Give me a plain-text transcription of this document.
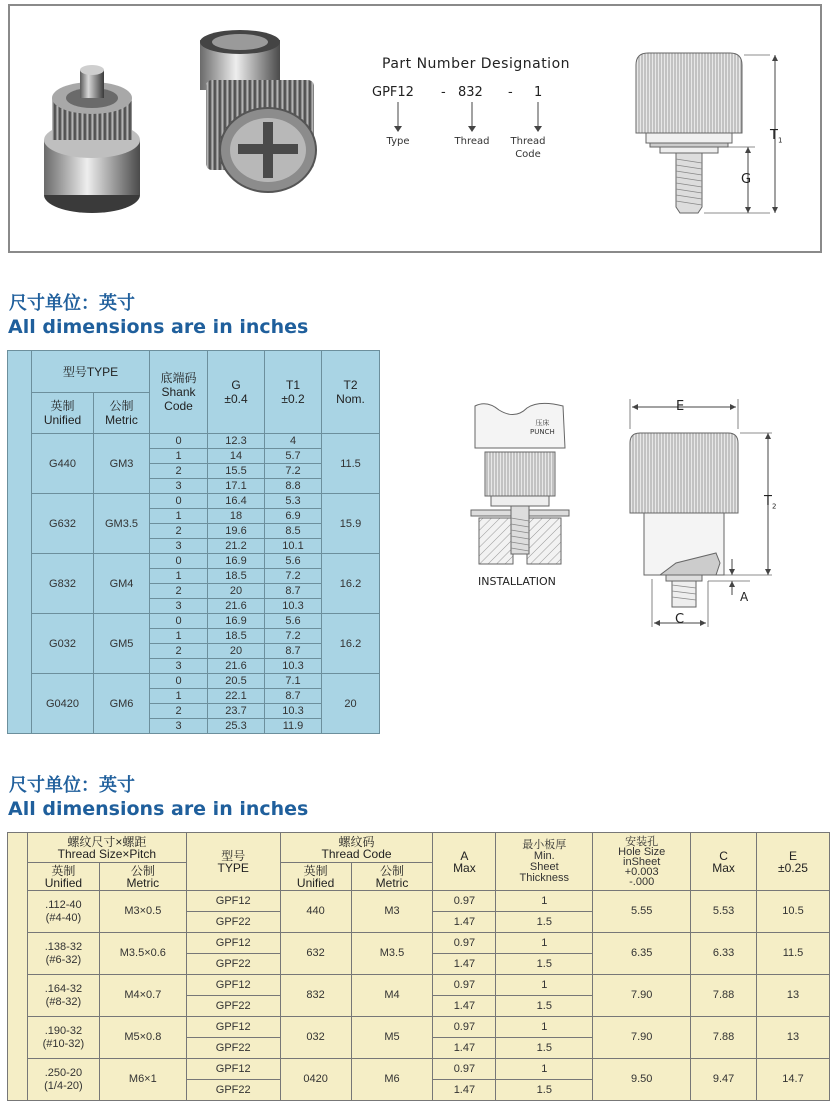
Part Number Designation
GPF12 - 832 - 1
Type	Thread	Thread Code
$T_1$
G
尺寸单位：英寸
All dimensions are in inches
	型号TYPE		底端码
Shank
Code	G
±0.4	T1
±0.2	T2
Nom.
	英制
Unified	公制
Metric				
	G440	GM3	0	12.3	4	11.5
			1	14	5.7	
			2	15.5	7.2	
			3	17.1	8.8	
	G632	GM3.5	0	16.4	5.3	15.9
			1	18	6.9	
			2	19.6	8.5	
			3	21.2	10.1	
	G832	GM4	0	16.9	5.6	16.2
			1	18.5	7.2	
			2	20	8.7	
			3	21.6	10.3	
	G032	GM5	0	16.9	5.6	16.2
			1	18.5	7.2	
			2	20	8.7	
			3	21.6	10.3	
	G0420	GM6	0	20.5	7.1	20
			1	22.1	8.7	
			2	23.7	10.3	
			3	25.3	11.9	
压床
PUNCH
INSTALLATION
E
$T_2$
A
C
尺寸单位：英寸
All dimensions are in inches
	螺纹尺寸×螺距
Thread Size×Pitch		型号
TYPE	螺纹码
Thread Code		A
Max	最小板厚
Min.
Sheet
Thickness	安装孔
Hole Size
inSheet
+0.003
-.000	C
Max	E
±0.25
	英制
Unified	公制
Metric		英制
Unified	公制
Metric					
	.112-40
(#4-40)	M3×0.5	GPF12	440	M3	0.97	1	5.55	5.53	10.5
			GPF22			1.47	1.5			
	.138-32
(#6-32)	M3.5×0.6	GPF12	632	M3.5	0.97	1	6.35	6.33	11.5
			GPF22			1.47	1.5			
	.164-32
(#8-32)	M4×0.7	GPF12	832	M4	0.97	1	7.90	7.88	13
			GPF22			1.47	1.5			
	.190-32
(#10-32)	M5×0.8	GPF12	032	M5	0.97	1	7.90	7.88	13
			GPF22			1.47	1.5			
	.250-20
(1/4-20)	M6×1	GPF12	0420	M6	0.97	1	9.50	9.47	14.7
			GPF22			1.47	1.5			
